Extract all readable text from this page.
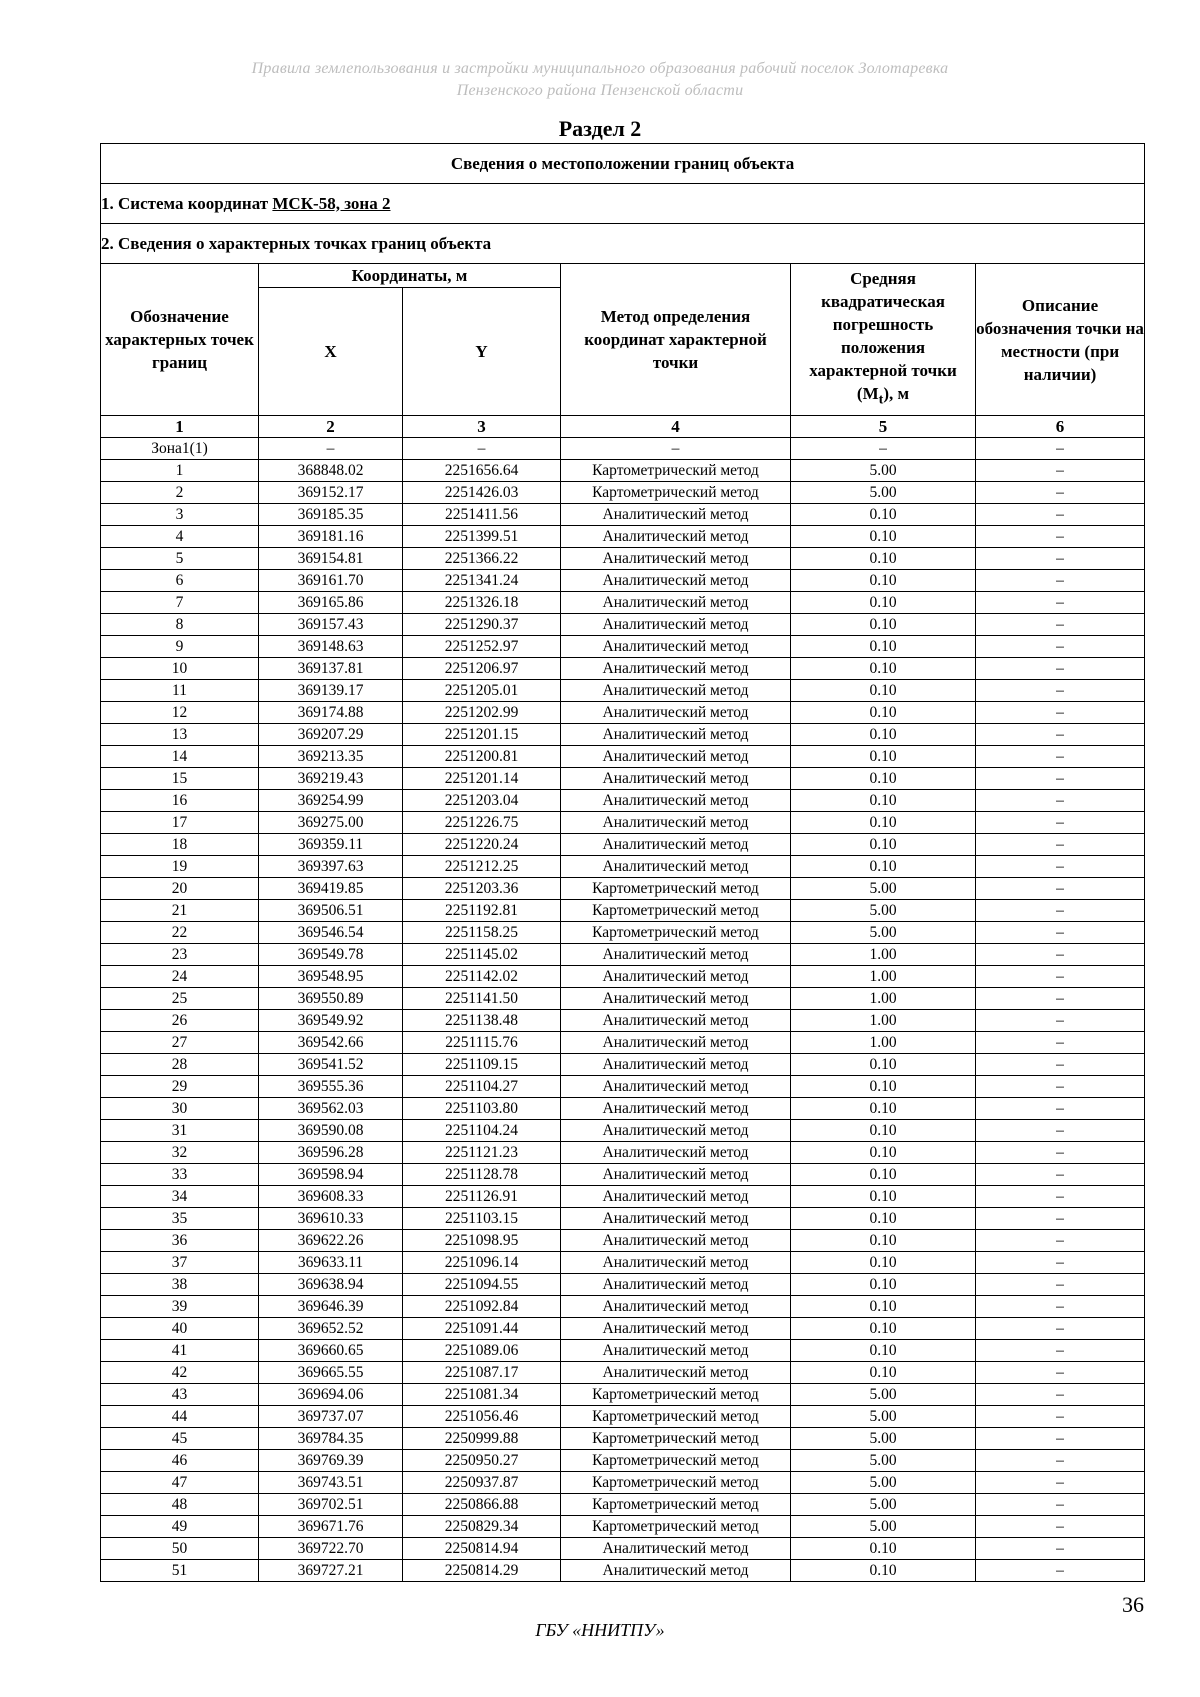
Правила землепользования и застройки муниципального образования рабочий поселок Золотаревка
Пензенского района Пензенской области
Раздел 2
Сведения о местоположении границ объекта					
1. Система координат МСК-58, зона 2					
2. Сведения о характерных точках границ объекта					
Обозначение характерных точек границ	Координаты, м		Метод определения координат характерной точки	Средняя квадратическая погрешность положения характерной точки $(M_t)$, м	Описание обозначения точки на местности (при наличии)
	X	Y			
1	2	3	4	5	6
Зона1(1)	–	–	–	–	–
1	368848.02	2251656.64	Картометрический метод	5.00	–
2	369152.17	2251426.03	Картометрический метод	5.00	–
3	369185.35	2251411.56	Аналитический метод	0.10	–
4	369181.16	2251399.51	Аналитический метод	0.10	–
5	369154.81	2251366.22	Аналитический метод	0.10	–
6	369161.70	2251341.24	Аналитический метод	0.10	–
7	369165.86	2251326.18	Аналитический метод	0.10	–
8	369157.43	2251290.37	Аналитический метод	0.10	–
9	369148.63	2251252.97	Аналитический метод	0.10	–
10	369137.81	2251206.97	Аналитический метод	0.10	–
11	369139.17	2251205.01	Аналитический метод	0.10	–
12	369174.88	2251202.99	Аналитический метод	0.10	–
13	369207.29	2251201.15	Аналитический метод	0.10	–
14	369213.35	2251200.81	Аналитический метод	0.10	–
15	369219.43	2251201.14	Аналитический метод	0.10	–
16	369254.99	2251203.04	Аналитический метод	0.10	–
17	369275.00	2251226.75	Аналитический метод	0.10	–
18	369359.11	2251220.24	Аналитический метод	0.10	–
19	369397.63	2251212.25	Аналитический метод	0.10	–
20	369419.85	2251203.36	Картометрический метод	5.00	–
21	369506.51	2251192.81	Картометрический метод	5.00	–
22	369546.54	2251158.25	Картометрический метод	5.00	–
23	369549.78	2251145.02	Аналитический метод	1.00	–
24	369548.95	2251142.02	Аналитический метод	1.00	–
25	369550.89	2251141.50	Аналитический метод	1.00	–
26	369549.92	2251138.48	Аналитический метод	1.00	–
27	369542.66	2251115.76	Аналитический метод	1.00	–
28	369541.52	2251109.15	Аналитический метод	0.10	–
29	369555.36	2251104.27	Аналитический метод	0.10	–
30	369562.03	2251103.80	Аналитический метод	0.10	–
31	369590.08	2251104.24	Аналитический метод	0.10	–
32	369596.28	2251121.23	Аналитический метод	0.10	–
33	369598.94	2251128.78	Аналитический метод	0.10	–
34	369608.33	2251126.91	Аналитический метод	0.10	–
35	369610.33	2251103.15	Аналитический метод	0.10	–
36	369622.26	2251098.95	Аналитический метод	0.10	–
37	369633.11	2251096.14	Аналитический метод	0.10	–
38	369638.94	2251094.55	Аналитический метод	0.10	–
39	369646.39	2251092.84	Аналитический метод	0.10	–
40	369652.52	2251091.44	Аналитический метод	0.10	–
41	369660.65	2251089.06	Аналитический метод	0.10	–
42	369665.55	2251087.17	Аналитический метод	0.10	–
43	369694.06	2251081.34	Картометрический метод	5.00	–
44	369737.07	2251056.46	Картометрический метод	5.00	–
45	369784.35	2250999.88	Картометрический метод	5.00	–
46	369769.39	2250950.27	Картометрический метод	5.00	–
47	369743.51	2250937.87	Картометрический метод	5.00	–
48	369702.51	2250866.88	Картометрический метод	5.00	–
49	369671.76	2250829.34	Картометрический метод	5.00	–
50	369722.70	2250814.94	Аналитический метод	0.10	–
51	369727.21	2250814.29	Аналитический метод	0.10	–
36
ГБУ «ННИТПУ»
